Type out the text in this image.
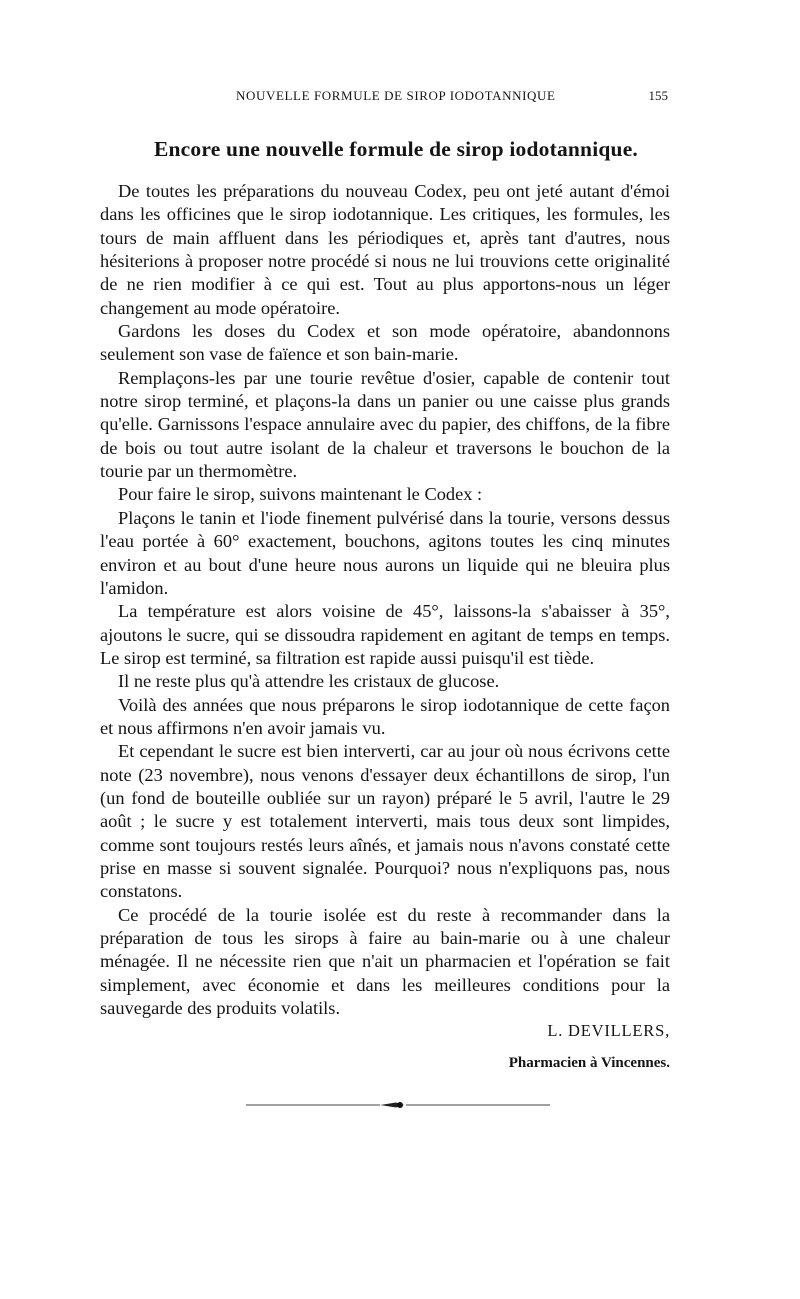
NOUVELLE FORMULE DE SIROP IODOTANNIQUE	155
Encore une nouvelle formule de sirop iodotannique.

De toutes les préparations du nouveau Codex, peu ont jeté autant d'émoi dans les officines que le sirop iodotannique. Les critiques, les formules, les tours de main affluent dans les périodiques et, après tant d'autres, nous hésiterions à proposer notre procédé si nous ne lui trouvions cette originalité de ne rien modifier à ce qui est. Tout au plus apportons-nous un léger changement au mode opératoire.

Gardons les doses du Codex et son mode opératoire, abandonnons seulement son vase de faïence et son bain-marie.

Remplaçons-les par une tourie revêtue d'osier, capable de contenir tout notre sirop terminé, et plaçons-la dans un panier ou une caisse plus grands qu'elle. Garnissons l'espace annulaire avec du papier, des chiffons, de la fibre de bois ou tout autre isolant de la chaleur et traversons le bouchon de la tourie par un thermomètre.

Pour faire le sirop, suivons maintenant le Codex :

Plaçons le tanin et l'iode finement pulvérisé dans la tourie, versons dessus l'eau portée à 60° exactement, bouchons, agitons toutes les cinq minutes environ et au bout d'une heure nous aurons un liquide qui ne bleuira plus l'amidon.

La température est alors voisine de 45°, laissons-la s'abaisser à 35°, ajoutons le sucre, qui se dissoudra rapidement en agitant de temps en temps. Le sirop est terminé, sa filtration est rapide aussi puisqu'il est tiède.

Il ne reste plus qu'à attendre les cristaux de glucose.

Voilà des années que nous préparons le sirop iodotannique de cette façon et nous affirmons n'en avoir jamais vu.

Et cependant le sucre est bien interverti, car au jour où nous écrivons cette note (23 novembre), nous venons d'essayer deux échantillons de sirop, l'un (un fond de bouteille oubliée sur un rayon) préparé le 5 avril, l'autre le 29 août ; le sucre y est totalement interverti, mais tous deux sont limpides, comme sont toujours restés leurs aînés, et jamais nous n'avons constaté cette prise en masse si souvent signalée. Pourquoi? nous n'expliquons pas, nous constatons.

Ce procédé de la tourie isolée est du reste à recommander dans la préparation de tous les sirops à faire au bain-marie ou à une chaleur ménagée. Il ne nécessite rien que n'ait un pharmacien et l'opération se fait simplement, avec économie et dans les meilleures conditions pour la sauvegarde des produits volatils.

L. DEVILLERS,
Pharmacien à Vincennes.
